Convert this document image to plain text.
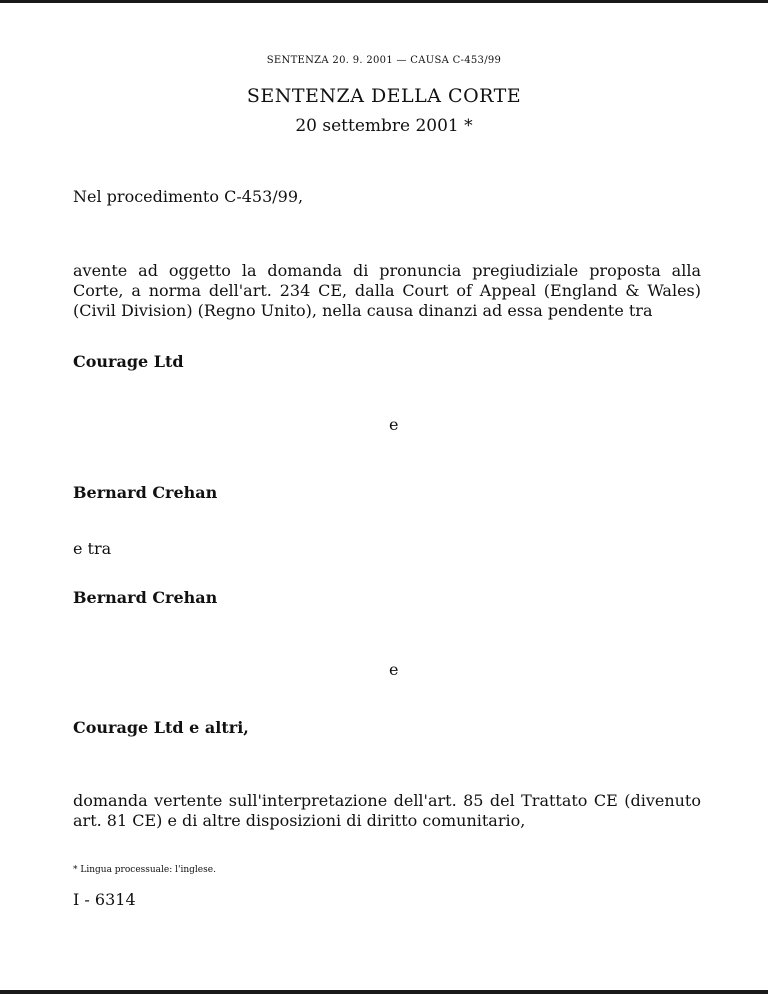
SENTENZA 20. 9. 2001 — CAUSA C-453/99
SENTENZA DELLA CORTE
20 settembre 2001 *
Nel procedimento C-453/99,
avente ad oggetto la domanda di pronuncia pregiudiziale proposta alla Corte, a norma dell'art. 234 CE, dalla Court of Appeal (England & Wales) (Civil Division) (Regno Unito), nella causa dinanzi ad essa pendente tra
Courage Ltd
e
Bernard Crehan
e tra
Bernard Crehan
e
Courage Ltd e altri,
domanda vertente sull'interpretazione dell'art. 85 del Trattato CE (divenuto art. 81 CE) e di altre disposizioni di diritto comunitario,
* Lingua processuale: l'inglese.
I - 6314
